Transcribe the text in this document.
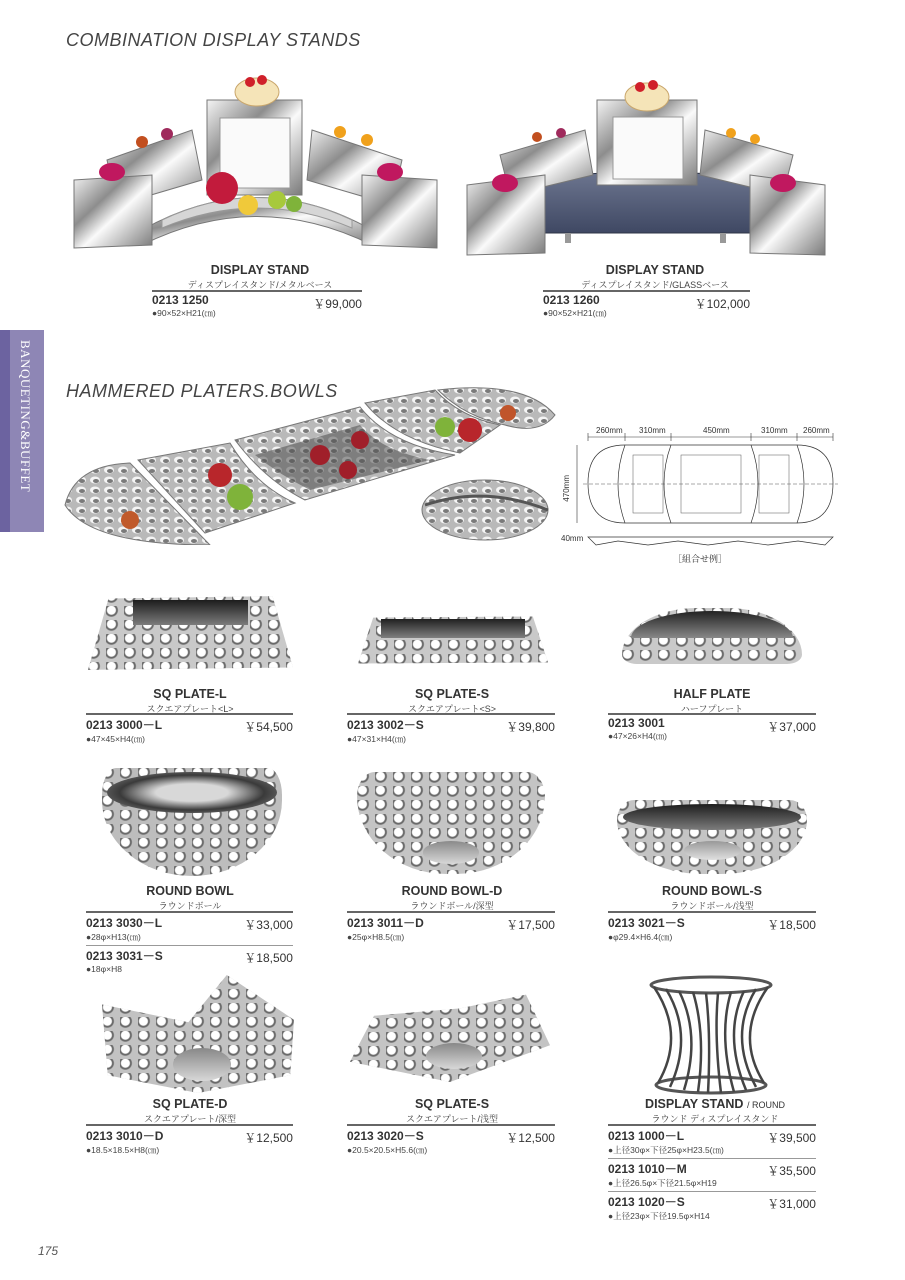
COMBINATION DISPLAY STANDS
HAMMERED PLATERS.BOWLS
BANQUETING&BUFFET
DISPLAY STAND
ディスプレイスタンド/メタルベース
0213 1250	￥99,000
●90×52×H21(㎝)
DISPLAY STAND
ディスプレイスタンド/GLASSベース
0213 1260	￥102,000
●90×52×H21(㎝)
260mm 310mm	450mm	310mm 260mm
470mm
40mm
［組合せ例］
SQ PLATE-L
スクエアプレート<L>
0213 3000－L	￥54,500
●47×45×H4(㎝)
SQ PLATE-S
スクエアプレート<S>
0213 3002－S	￥39,800
●47×31×H4(㎝)
HALF PLATE
ハーフプレート
0213 3001	￥37,000
●47×26×H4(㎝)
ROUND BOWL
ラウンドボール
0213 3030－L	￥33,000
●28φ×H13(㎝)
0213 3031－S	￥18,500
●18φ×H8
ROUND BOWL-D
ラウンドボール/深型
0213 3011－D	￥17,500
●25φ×H8.5(㎝)
ROUND BOWL-S
ラウンドボール/浅型
0213 3021－S	￥18,500
●φ29.4×H6.4(㎝)
SQ PLATE-D
スクエアプレート/深型
0213 3010－D	￥12,500
●18.5×18.5×H8(㎝)
SQ PLATE-S
スクエアプレート/浅型
0213 3020－S	￥12,500
●20.5×20.5×H5.6(㎝)
DISPLAY STAND / ROUND
ラウンド ディスプレイスタンド
0213 1000－L	￥39,500
●上径30φ×下径25φ×H23.5(㎝)
0213 1010－M	￥35,500
●上径26.5φ×下径21.5φ×H19
0213 1020－S	￥31,000
●上径23φ×下径19.5φ×H14
175
